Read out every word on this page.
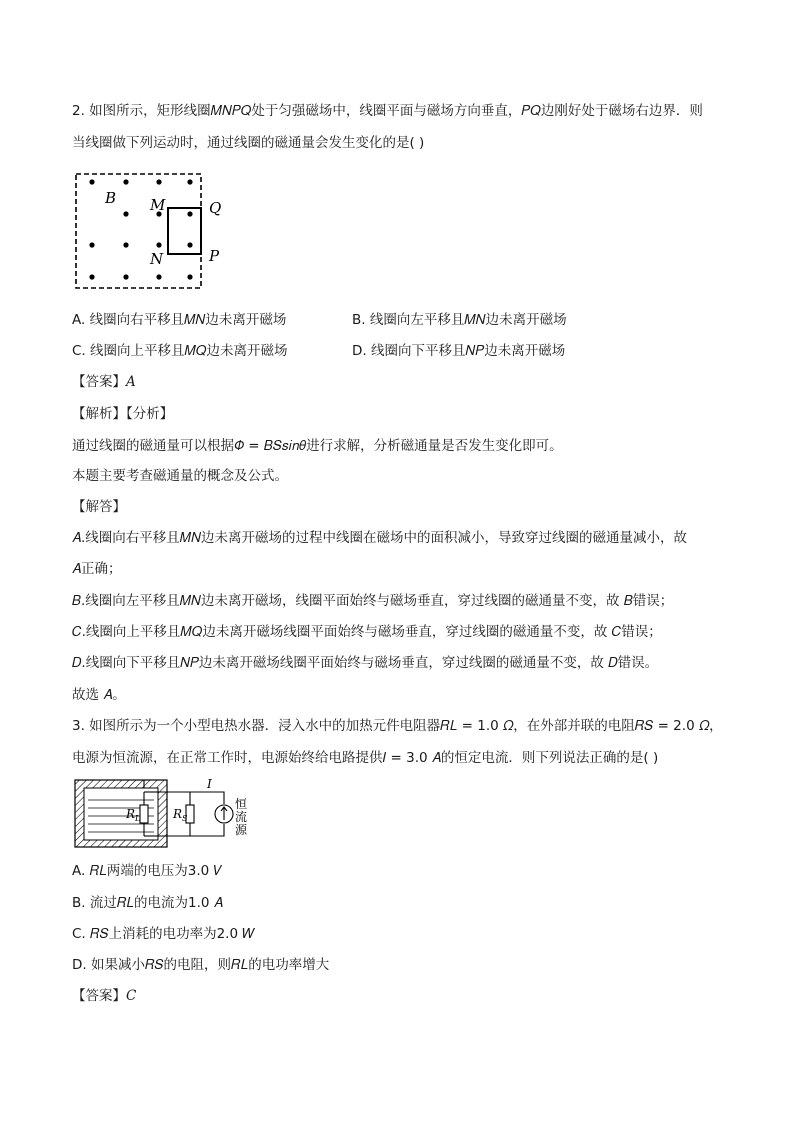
2. 如图所示，矩形线圈𝑀𝑁𝑃𝑄处于匀强磁场中，线圈平面与磁场方向垂直，𝑃𝑄边刚好处于磁场右边界．则
当线圈做下列运动时，通过线圈的磁通量会发生变化的是( )
B M
N
Q
P
A. 线圈向右平移且𝑀𝑁边未离开磁场	B. 线圈向左平移且𝑀𝑁边未离开磁场
C. 线圈向上平移且𝑀𝑄边未离开磁场	D. 线圈向下平移且𝑁𝑃边未离开磁场
【答案】A
【解析】【分析】
通过线圈的磁通量可以根据𝛷 = 𝐵𝑆𝑠𝑖𝑛𝜃进行求解，分析磁通量是否发生变化即可。
本题主要考查磁通量的概念及公式。
【解答】
𝐴.线圈向右平移且𝑀𝑁边未离开磁场的过程中线圈在磁场中的面积减小，导致穿过线圈的磁通量减小，故
𝐴正确；
𝐵.线圈向左平移且𝑀𝑁边未离开磁场，线圈平面始终与磁场垂直，穿过线圈的磁通量不变，故 𝐵错误；
𝐶.线圈向上平移且𝑀𝑄边未离开磁场线圈平面始终与磁场垂直，穿过线圈的磁通量不变，故 𝐶错误；
𝐷.线圈向下平移且𝑁𝑃边未离开磁场线圈平面始终与磁场垂直，穿过线圈的磁通量不变，故 𝐷错误。
故选 𝐴。
3. 如图所示为一个小型电热水器．浸入水中的加热元件电阻器𝑅𝐿 = 1.0 𝛺，在外部并联的电阻𝑅𝑆 = 2.0 𝛺，
电源为恒流源，在正常工作时，电源始终给电路提供𝐼 = 3.0 𝐴的恒定电流．则下列说法正确的是( )
$R_L$	$R_S$
I
恒
流
源
A. 𝑅𝐿两端的电压为3.0 𝑉
B. 流过𝑅𝐿的电流为1.0 𝐴
C. 𝑅𝑆上消耗的电功率为2.0 𝑊
D. 如果减小𝑅𝑆的电阻，则𝑅𝐿的电功率增大
【答案】C
